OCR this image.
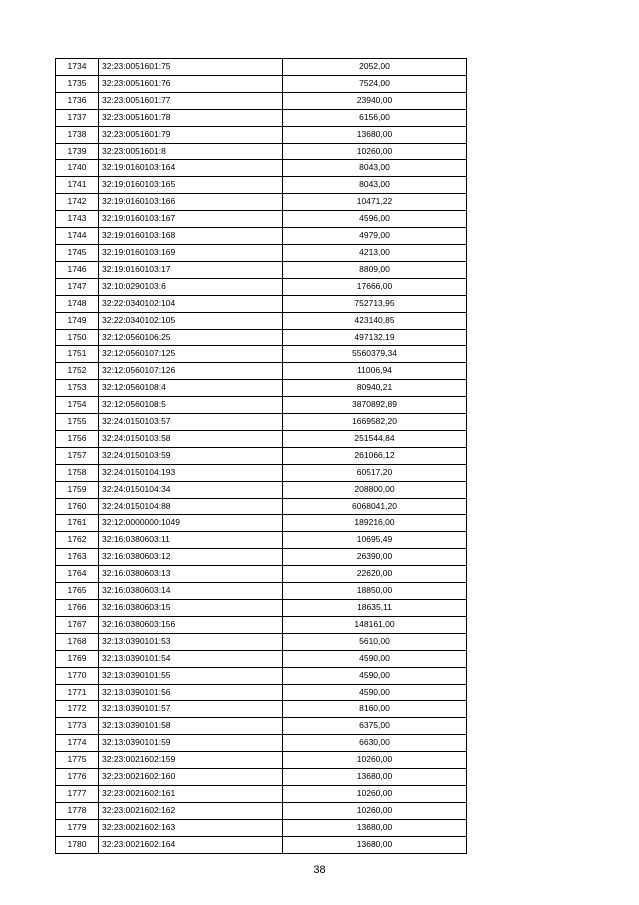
1734	32:23:0051601:75	2052,00
1735	32:23:0051601:76	7524,00
1736	32:23:0051601:77	23940,00
1737	32:23:0051601:78	6156,00
1738	32:23:0051601:79	13680,00
1739	32:23:0051601:8	10260,00
1740	32:19:0160103:164	8043,00
1741	32:19:0160103:165	8043,00
1742	32:19:0160103:166	10471,22
1743	32:19:0160103:167	4596,00
1744	32:19:0160103:168	4979,00
1745	32:19:0160103:169	4213,00
1746	32:19:0160103:17	8809,00
1747	32:10:0290103:6	17666,00
1748	32:22:0340102:104	752713,95
1749	32:22:0340102:105	423140,85
1750	32:12:0560106:25	497132,19
1751	32:12:0560107:125	5560379,34
1752	32:12:0560107:126	11006,94
1753	32:12:0560108:4	80940,21
1754	32:12:0560108:5	3870892,89
1755	32:24:0150103:57	1669582,20
1756	32:24:0150103:58	251544,84
1757	32:24:0150103:59	261066,12
1758	32:24:0150104:193	60517,20
1759	32:24:0150104:34	208800,00
1760	32:24:0150104:88	6068041,20
1761	32:12:0000000:1049	189216,00
1762	32:16:0380603:11	10695,49
1763	32:16:0380603:12	26390,00
1764	32:16:0380603:13	22620,00
1765	32:16:0380603:14	18850,00
1766	32:16:0380603:15	18635,11
1767	32:16:0380603:156	148161,00
1768	32:13:0390101:53	5610,00
1769	32:13:0390101:54	4590,00
1770	32:13:0390101:55	4590,00
1771	32:13:0390101:56	4590,00
1772	32:13:0390101:57	8160,00
1773	32:13:0390101:58	6375,00
1774	32:13:0390101:59	6630,00
1775	32:23:0021602:159	10260,00
1776	32:23:0021602:160	13680,00
1777	32:23:0021602:161	10260,00
1778	32:23:0021602:162	10260,00
1779	32:23:0021602:163	13680,00
1780	32:23:0021602:164	13680,00
38
